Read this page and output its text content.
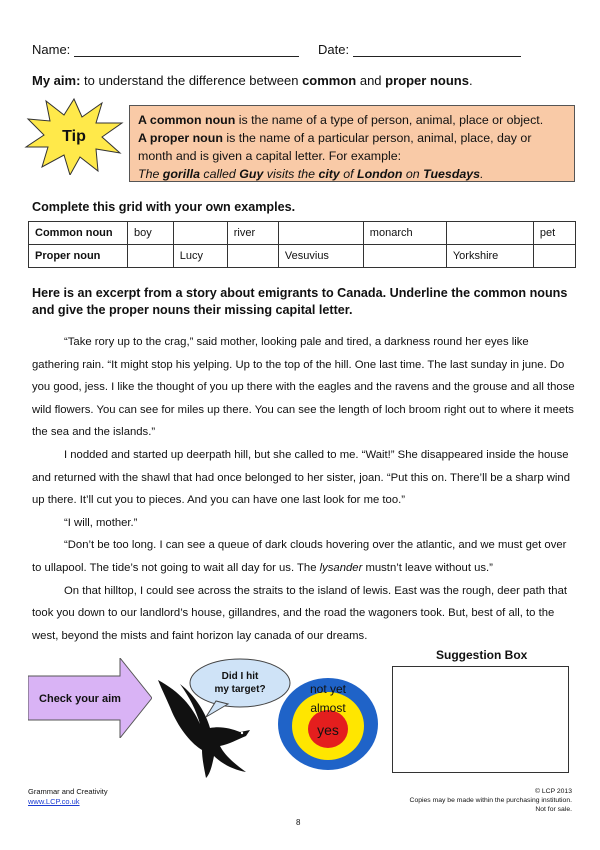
Name:	Date:
My aim: to understand the difference between common and proper nouns.
Tip
A common noun is the name of a type of person, animal, place or object.
A proper noun is the name of a particular person, animal, place, day or month and is given a capital letter. For example:
The gorilla called Guy visits the city of London on Tuesdays.
Complete this grid with your own examples.
Common noun	boy		river		monarch		pet
Proper noun		Lucy		Vesuvius		Yorkshire	
Here is an excerpt from a story about emigrants to Canada. Underline the common nouns and give the proper nouns their missing capital letter.

“Take rory up to the crag,” said mother, looking pale and tired, a darkness round her eyes like gathering rain. “It might stop his yelping. Up to the top of the hill. One last time. The last sunday in june. Do you good, jess. I like the thought of you up there with the eagles and the ravens and the grouse and all those wild flowers. You can see for miles up there. You can see the length of loch broom right out to where it meets the sea and the islands.”

I nodded and started up deerpath hill, but she called to me. “Wait!” She disappeared inside the house and returned with the shawl that had once belonged to her sister, joan. “Put this on. There’ll be a sharp wind up there. It’ll cut you to pieces. And you can have one last look for me too.”

“I will, mother.”

“Don’t be too long. I can see a queue of dark clouds hovering over the atlantic, and we must get over to ullapool. The tide’s not going to wait all day for us. The lysander mustn’t leave without us.”

On that hilltop, I could see across the straits to the island of lewis. East was the rough, deer path that took you down to our landlord’s house, gillandres, and the road the wagoners took. But, best of all, to the west, beyond the mists and faint horizon lay canada of our dreams.

Check your aim
Did I hit
my target?	not yet
almost
yes
Suggestion Box
Grammar and Creativity
www.LCP.co.uk
© LCP 2013
Copies may be made within the purchasing institution.
Not for sale.
8
